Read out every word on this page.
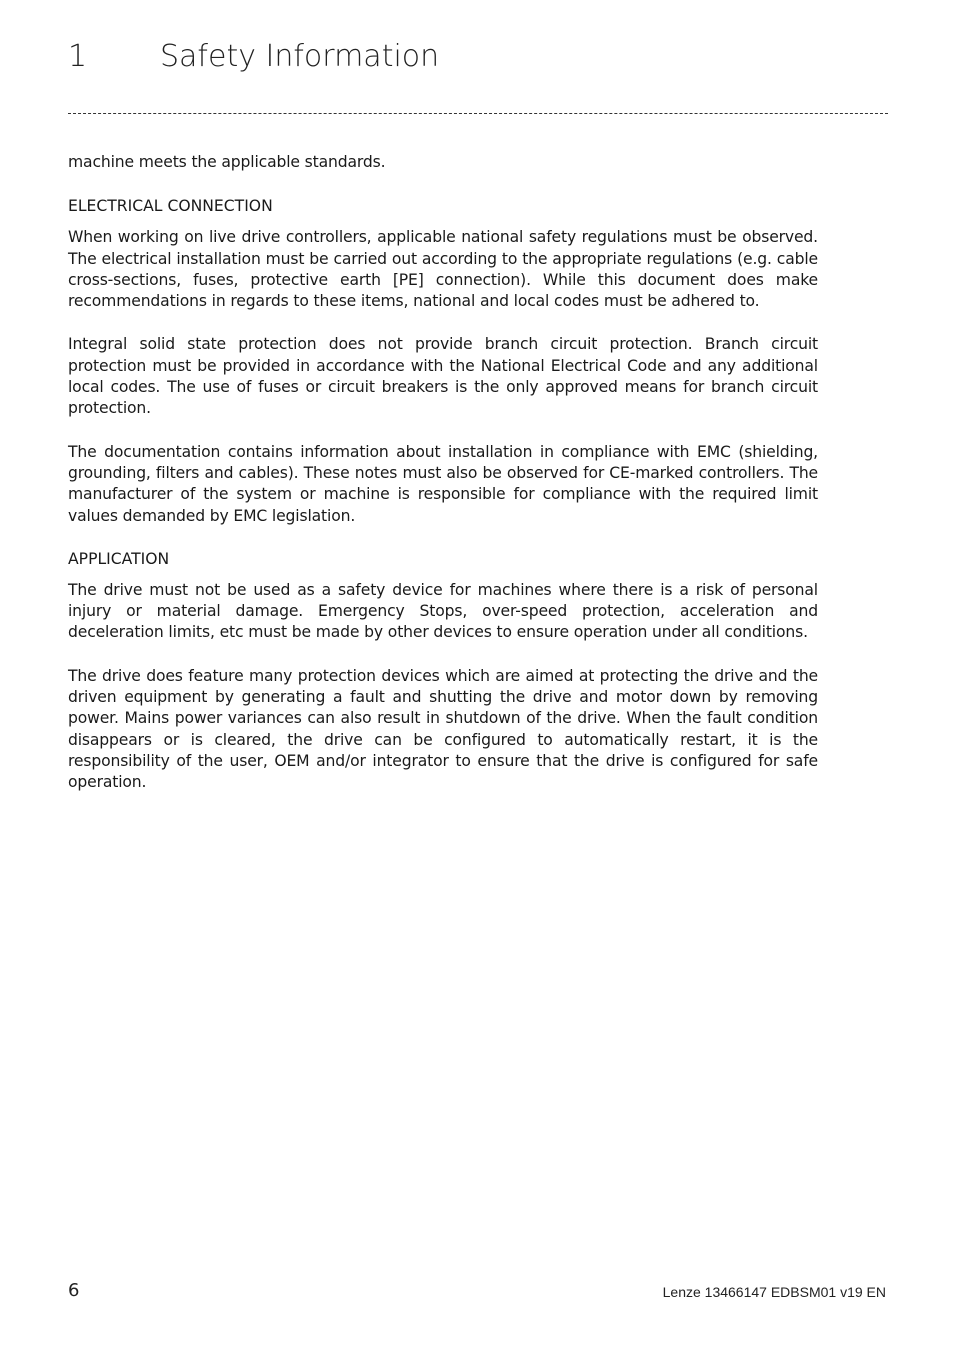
1 Safety Information

machine meets the applicable standards.

ELECTRICAL CONNECTION

When working on live drive controllers, applicable national safety regulations must be observed. The electrical installation must be carried out according to the appropriate regulations (e.g. cable cross-sections, fuses, protective earth [PE] connection). While this document does make recommendations in regards to these items, national and local codes must be adhered to.

Integral solid state protection does not provide branch circuit protection. Branch circuit protection must be provided in accordance with the National Electrical Code and any additional local codes. The use of fuses or circuit breakers is the only approved means for branch circuit protection.

The documentation contains information about installation in compliance with EMC (shielding, grounding, filters and cables). These notes must also be observed for CE-marked controllers. The manufacturer of the system or machine is responsible for compliance with the required limit values demanded by EMC legislation.

APPLICATION

The drive must not be used as a safety device for machines where there is a risk of personal injury or material damage. Emergency Stops, over-speed protection, acceleration and deceleration limits, etc must be made by other devices to ensure operation under all conditions.

The drive does feature many protection devices which are aimed at protecting the drive and the driven equipment by generating a fault and shutting the drive and motor down by removing power. Mains power variances can also result in shutdown of the drive. When the fault condition disappears or is cleared, the drive can be configured to automatically restart, it is the responsibility of the user, OEM and/or integrator to ensure that the drive is configured for safe operation.

6	Lenze 13466147 EDBSM01 v19 EN
